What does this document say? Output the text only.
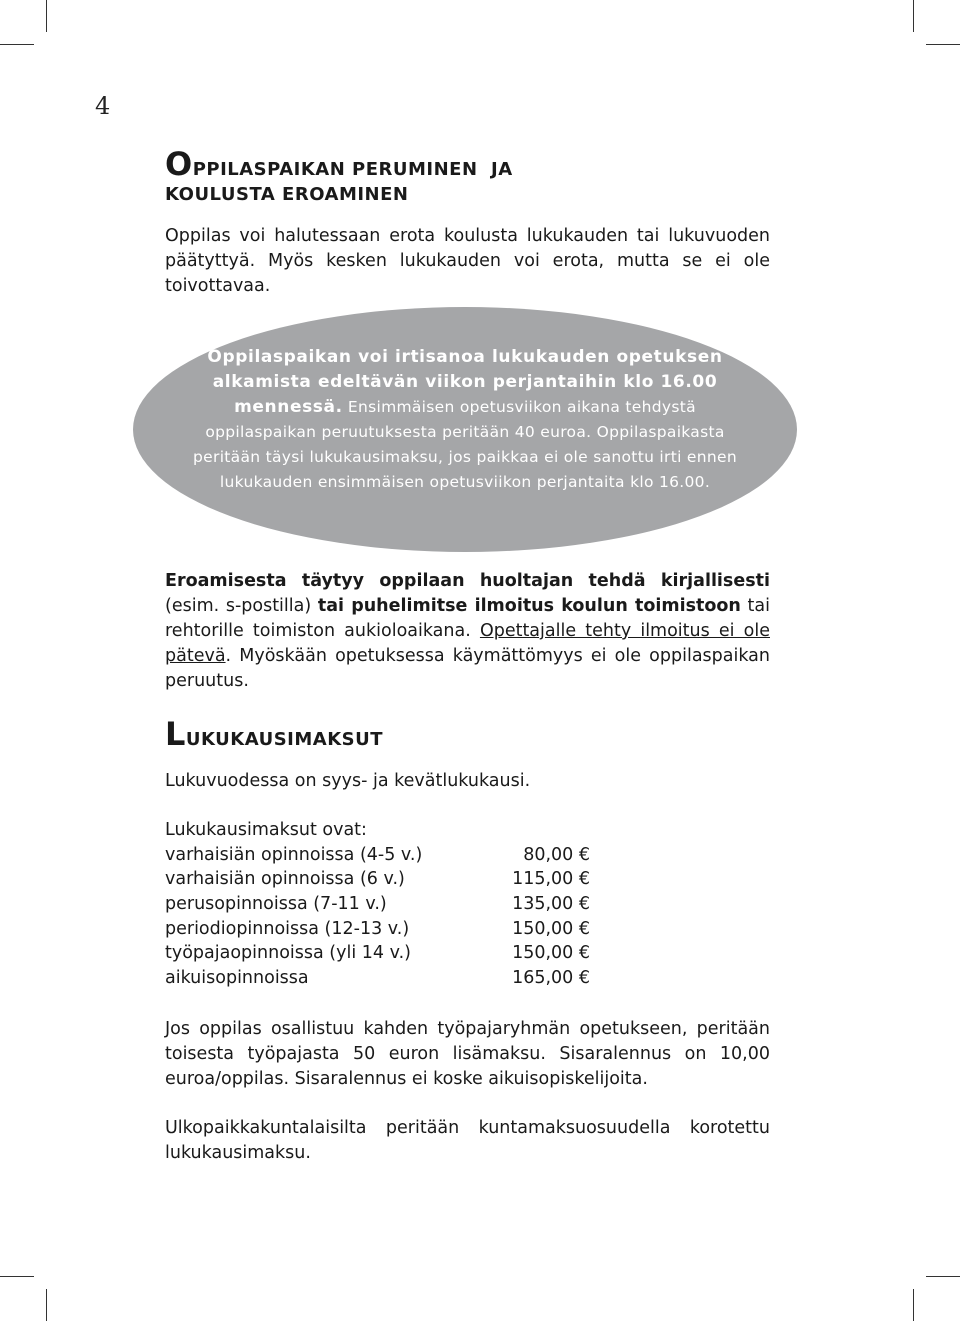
4
OPPILASPAIKAN PERUMINEN  JA
KOULUSTA EROAMINEN

Oppilas voi halutessaan erota koulusta lukukauden tai lukuvuoden päätyttyä. Myös kesken lukukauden voi erota, mutta se ei ole toivottavaa.

Oppilaspaikan voi irtisanoa lukukauden opetuksen alkamista edeltävän viikon perjantaihin klo 16.00 mennessä. Ensimmäisen opetusviikon aikana tehdystä oppilaspaikan peruutuksesta peritään 40 euroa. Oppilaspaikasta peritään täysi lukukausimaksu, jos paikkaa ei ole sanottu irti ennen lukukauden ensimmäisen opetusviikon perjantaita klo 16.00.

Eroamisesta täytyy oppilaan huoltajan tehdä kirjallisesti (esim. s-postilla) tai puhelimitse ilmoitus koulun toimistoon tai rehtorille toimiston aukioloaikana. Opettajalle tehty ilmoitus ei ole pätevä. Myöskään opetuksessa käymättömyys ei ole oppilaspaikan peruutus.

LUKUKAUSIMAKSUT

Lukuvuodessa on syys- ja kevätlukukausi.

Lukukausimaksut ovat:
varhaisiän opinnoissa (4-5 v.)	80,00 €
varhaisiän opinnoissa (6 v.)	115,00 €
perusopinnoissa (7-11 v.)	135,00 €
periodiopinnoissa (12-13 v.)	150,00 €
työpajaopinnoissa (yli 14 v.)	150,00 €
aikuisopinnoissa	165,00 €

Jos oppilas osallistuu kahden työpajaryhmän opetukseen, peritään toisesta työpajasta 50 euron lisämaksu. Sisaralennus on 10,00 euroa/oppilas. Sisaralennus ei koske aikuisopiskelijoita.

Ulkopaikkakuntalaisilta peritään kuntamaksuosuudella korotettu lukukausimaksu.
